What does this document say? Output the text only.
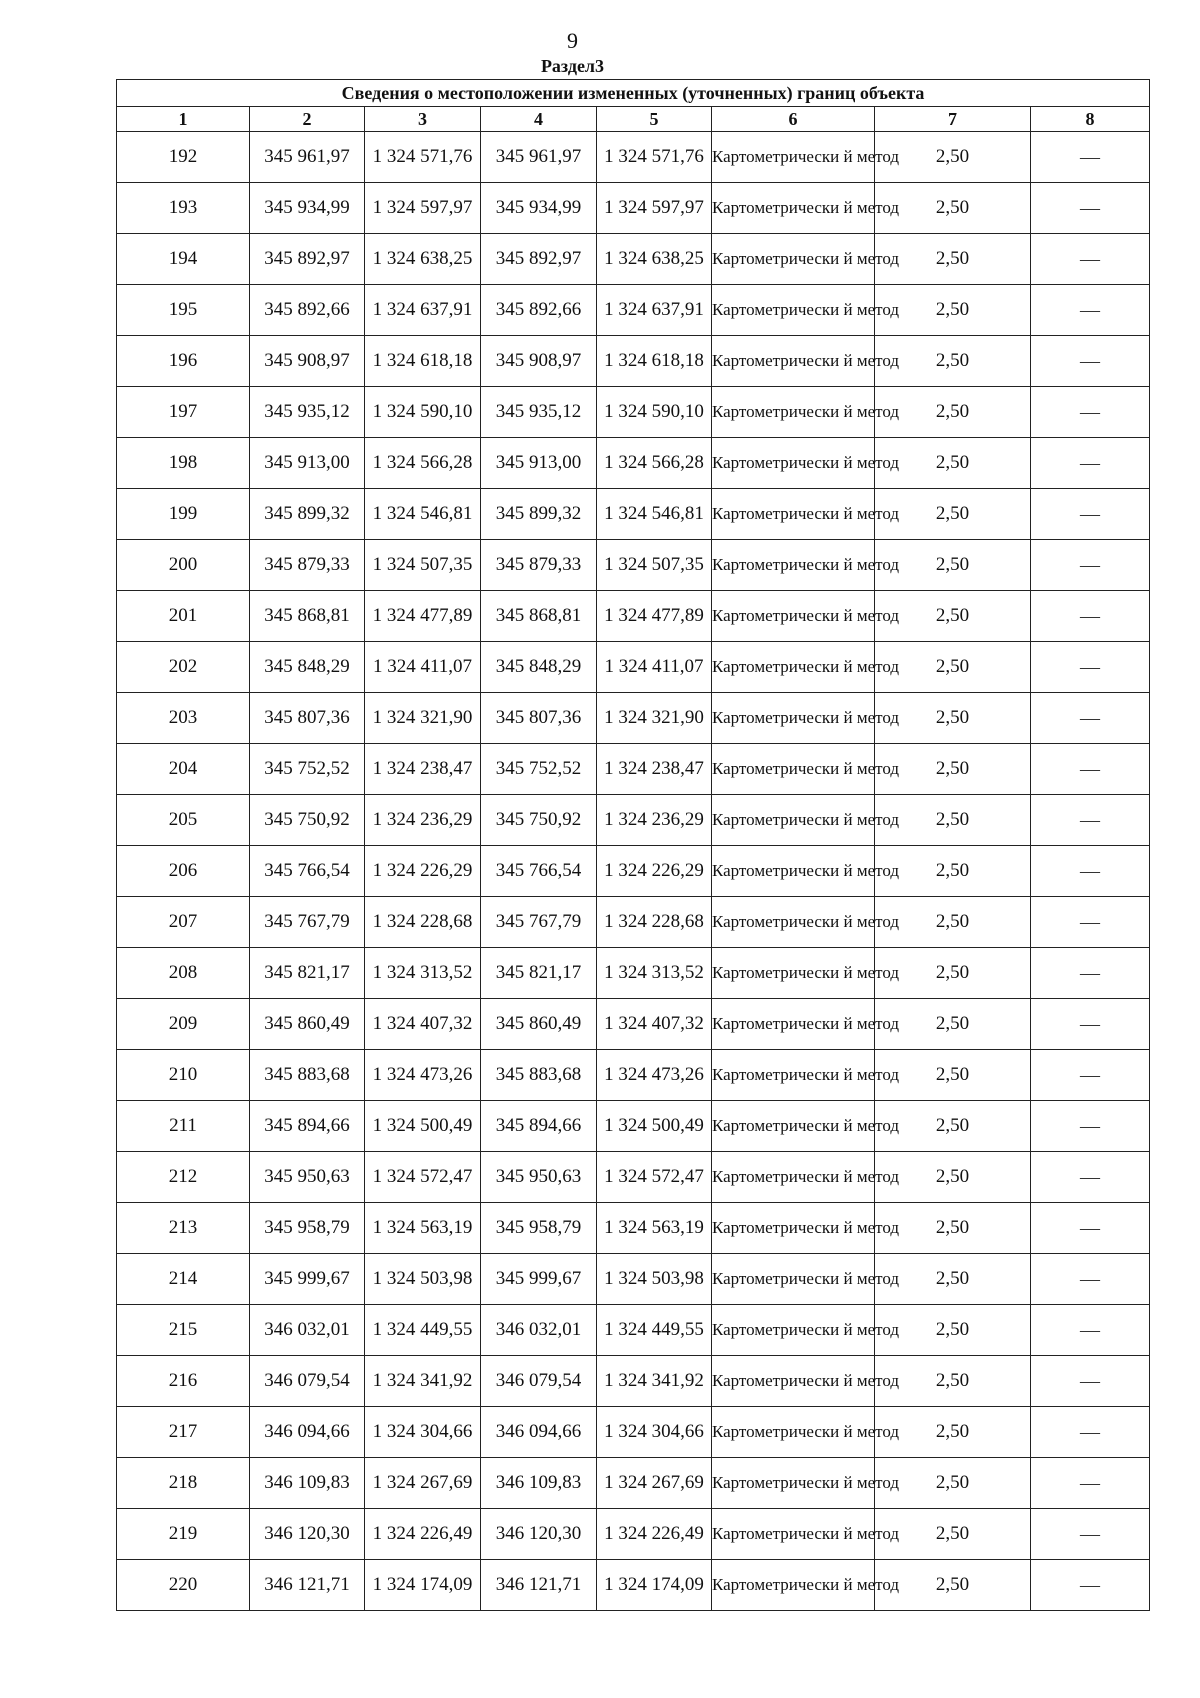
9
Раздел3
Сведения о местоположении измененных (уточненных) границ объекта							
1	2	3	4	5	6	7	8
192	345 961,97	1 324 571,76	345 961,97	1 324 571,76	Картометрически й метод	2,50	—
193	345 934,99	1 324 597,97	345 934,99	1 324 597,97	Картометрически й метод	2,50	—
194	345 892,97	1 324 638,25	345 892,97	1 324 638,25	Картометрически й метод	2,50	—
195	345 892,66	1 324 637,91	345 892,66	1 324 637,91	Картометрически й метод	2,50	—
196	345 908,97	1 324 618,18	345 908,97	1 324 618,18	Картометрически й метод	2,50	—
197	345 935,12	1 324 590,10	345 935,12	1 324 590,10	Картометрически й метод	2,50	—
198	345 913,00	1 324 566,28	345 913,00	1 324 566,28	Картометрически й метод	2,50	—
199	345 899,32	1 324 546,81	345 899,32	1 324 546,81	Картометрически й метод	2,50	—
200	345 879,33	1 324 507,35	345 879,33	1 324 507,35	Картометрически й метод	2,50	—
201	345 868,81	1 324 477,89	345 868,81	1 324 477,89	Картометрически й метод	2,50	—
202	345 848,29	1 324 411,07	345 848,29	1 324 411,07	Картометрически й метод	2,50	—
203	345 807,36	1 324 321,90	345 807,36	1 324 321,90	Картометрически й метод	2,50	—
204	345 752,52	1 324 238,47	345 752,52	1 324 238,47	Картометрически й метод	2,50	—
205	345 750,92	1 324 236,29	345 750,92	1 324 236,29	Картометрически й метод	2,50	—
206	345 766,54	1 324 226,29	345 766,54	1 324 226,29	Картометрически й метод	2,50	—
207	345 767,79	1 324 228,68	345 767,79	1 324 228,68	Картометрически й метод	2,50	—
208	345 821,17	1 324 313,52	345 821,17	1 324 313,52	Картометрически й метод	2,50	—
209	345 860,49	1 324 407,32	345 860,49	1 324 407,32	Картометрически й метод	2,50	—
210	345 883,68	1 324 473,26	345 883,68	1 324 473,26	Картометрически й метод	2,50	—
211	345 894,66	1 324 500,49	345 894,66	1 324 500,49	Картометрически й метод	2,50	—
212	345 950,63	1 324 572,47	345 950,63	1 324 572,47	Картометрически й метод	2,50	—
213	345 958,79	1 324 563,19	345 958,79	1 324 563,19	Картометрически й метод	2,50	—
214	345 999,67	1 324 503,98	345 999,67	1 324 503,98	Картометрически й метод	2,50	—
215	346 032,01	1 324 449,55	346 032,01	1 324 449,55	Картометрически й метод	2,50	—
216	346 079,54	1 324 341,92	346 079,54	1 324 341,92	Картометрически й метод	2,50	—
217	346 094,66	1 324 304,66	346 094,66	1 324 304,66	Картометрически й метод	2,50	—
218	346 109,83	1 324 267,69	346 109,83	1 324 267,69	Картометрически й метод	2,50	—
219	346 120,30	1 324 226,49	346 120,30	1 324 226,49	Картометрически й метод	2,50	—
220	346 121,71	1 324 174,09	346 121,71	1 324 174,09	Картометрически й метод	2,50	—
